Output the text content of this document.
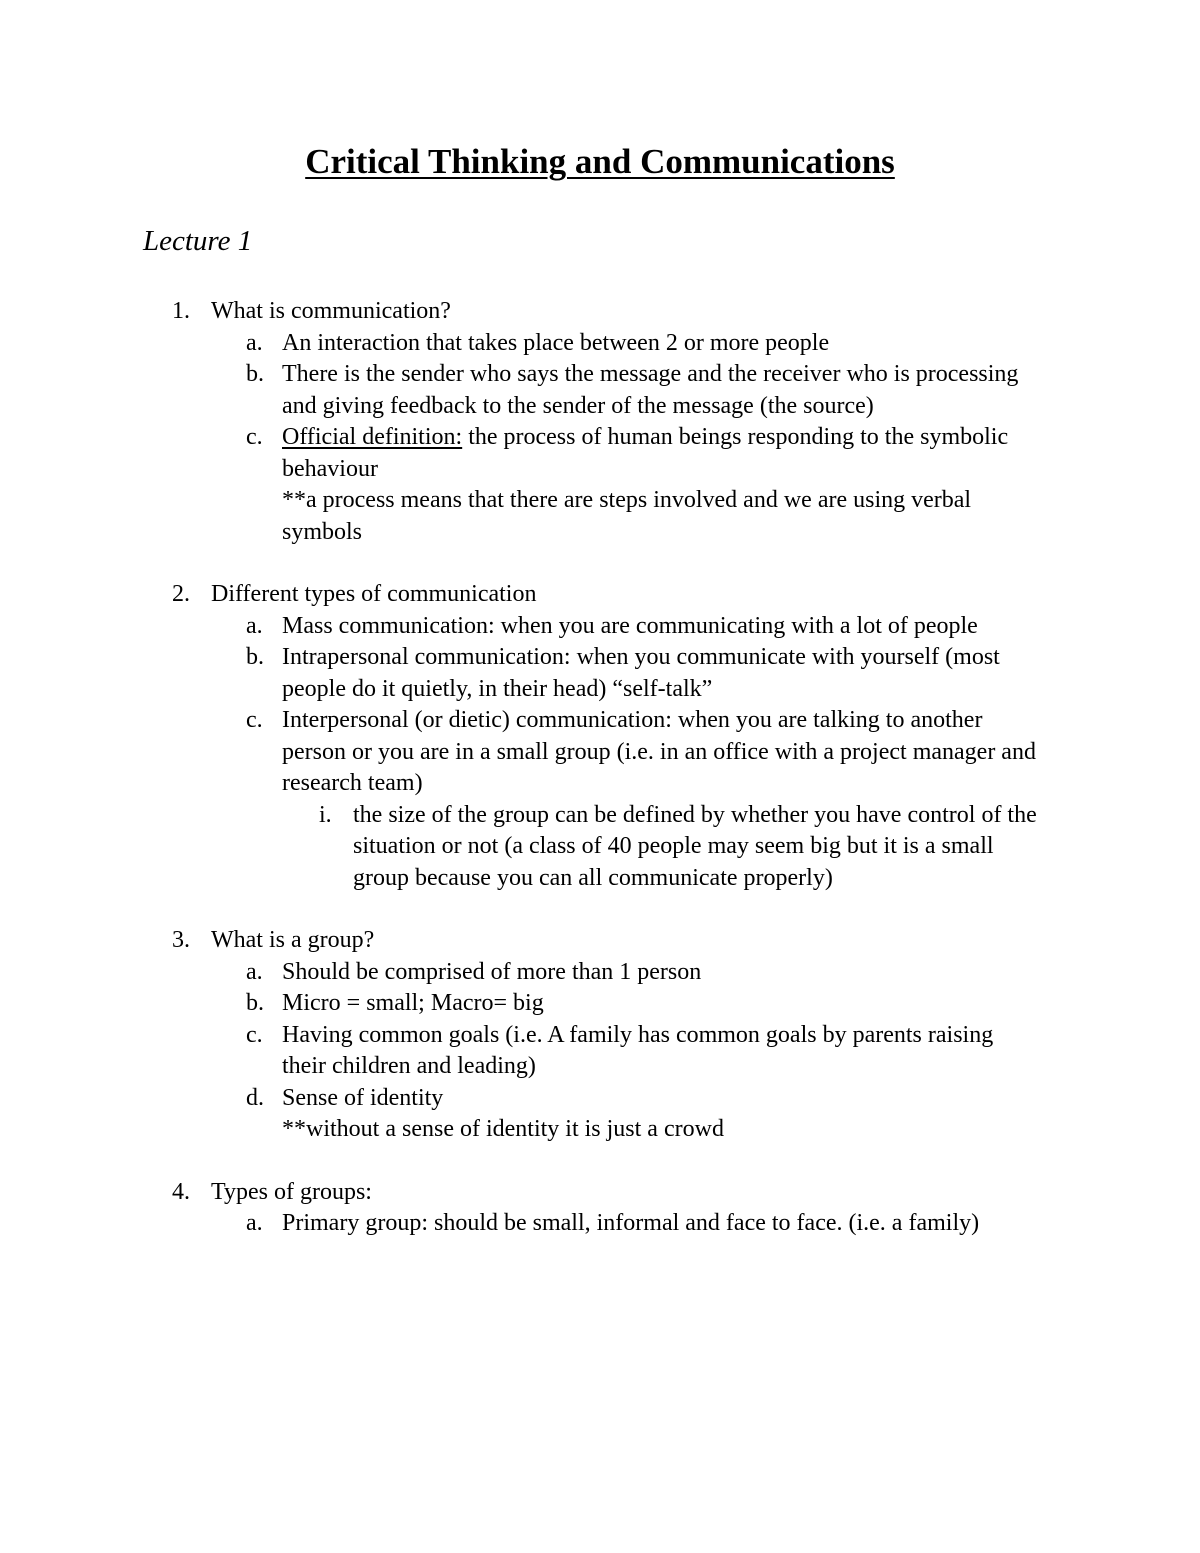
Critical Thinking and Communications
Lecture 1
1. What is communication?
a. An interaction that takes place between 2 or more people
b. There is the sender who says the message and the receiver who is processing and giving feedback to the sender of the message (the source)
c. Official definition: the process of human beings responding to the symbolic behaviour
**a process means that there are steps involved and we are using verbal symbols
2. Different types of communication
a. Mass communication: when you are communicating with a lot of people
b. Intrapersonal communication: when you communicate with yourself (most people do it quietly, in their head) “self-talk”
c. Interpersonal (or dietic) communication: when you are talking to another person or you are in a small group (i.e. in an office with a project manager and research team)
i. the size of the group can be defined by whether you have control of the situation or not (a class of 40 people may seem big but it is a small group because you can all communicate properly)
3. What is a group?
a. Should be comprised of more than 1 person
b. Micro = small; Macro= big
c. Having common goals (i.e. A family has common goals by parents raising their children and leading)
d. Sense of identity
**without a sense of identity it is just a crowd
4. Types of groups:
a. Primary group: should be small, informal and face to face. (i.e. a family)
